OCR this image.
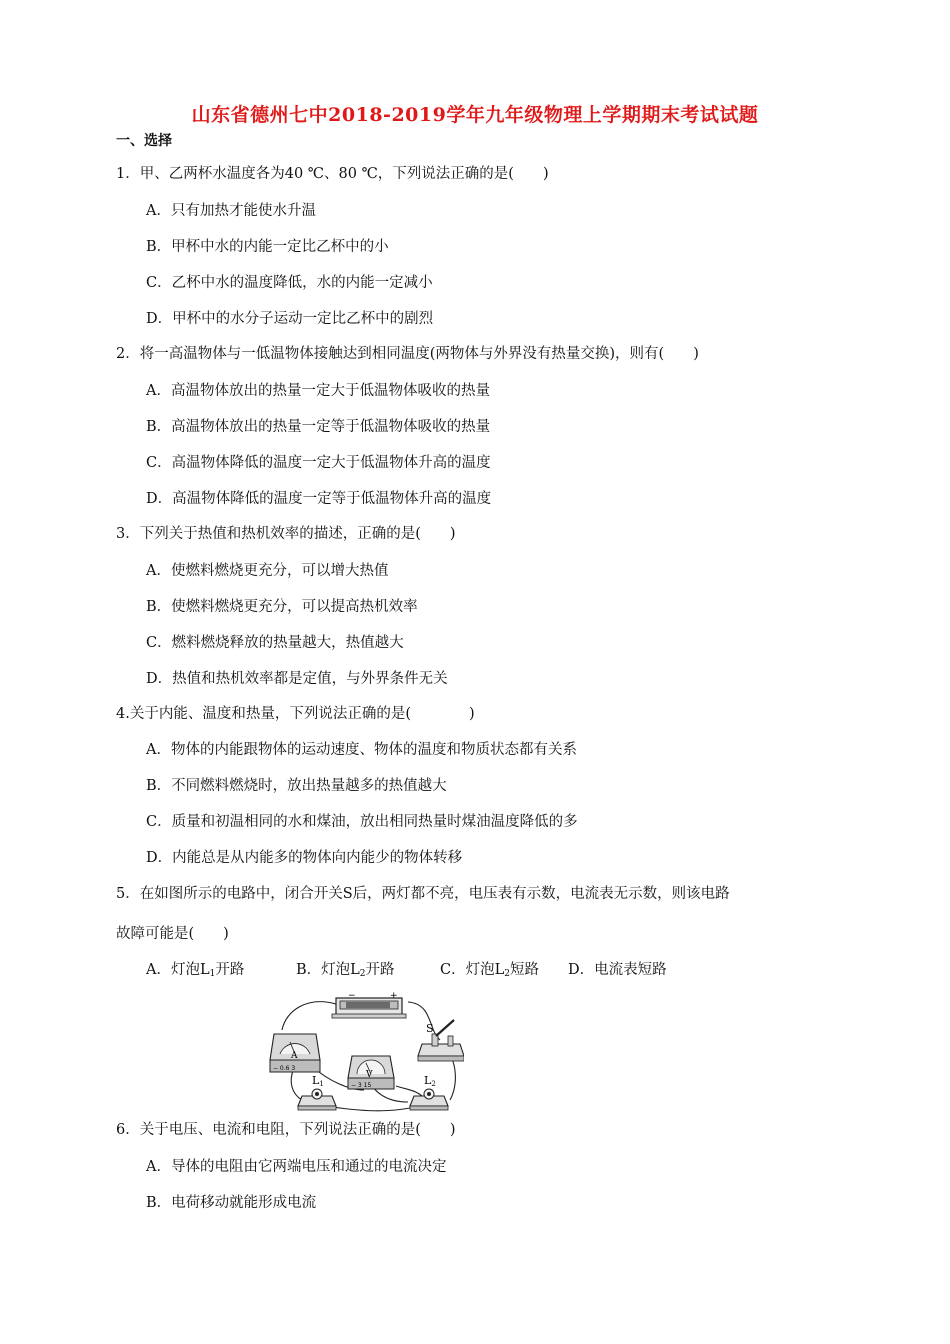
山东省德州七中2018-2019学年九年级物理上学期期末考试试题
一、选择
1．甲、乙两杯水温度各为40 ℃、80 ℃，下列说法正确的是(　　)
A．只有加热才能使水升温
B．甲杯中水的内能一定比乙杯中的小
C．乙杯中水的温度降低，水的内能一定减小
D．甲杯中的水分子运动一定比乙杯中的剧烈
2．将一高温物体与一低温物体接触达到相同温度(两物体与外界没有热量交换)，则有(　　)
A．高温物体放出的热量一定大于低温物体吸收的热量
B．高温物体放出的热量一定等于低温物体吸收的热量
C．高温物体降低的温度一定大于低温物体升高的温度
D．高温物体降低的温度一定等于低温物体升高的温度
3．下列关于热值和热机效率的描述，正确的是(　　)
A．使燃料燃烧更充分，可以增大热值
B．使燃料燃烧更充分，可以提高热机效率
C．燃料燃烧释放的热量越大，热值越大
D．热值和热机效率都是定值，与外界条件无关
4.关于内能、温度和热量，下列说法正确的是(　　　　)
A．物体的内能跟物体的运动速度、物体的温度和物质状态都有关系
B．不同燃料燃烧时，放出热量越多的热值越大
C．质量和初温相同的水和煤油，放出相同热量时煤油温度降低的多
D．内能总是从内能多的物体向内能少的物体转移
5．在如图所示的电路中，闭合开关S后，两灯都不亮，电压表有示数，电流表无示数，则该电路
故障可能是(　　)
A．灯泡$L_1$开路	B．灯泡$L_2$开路	C．灯泡$L_2$短路 D．电流表短路
−	+
A
− 0.6 3
V
− 3 15
S
L1	L2
6．关于电压、电流和电阻，下列说法正确的是(　　)
A．导体的电阻由它两端电压和通过的电流决定
B．电荷移动就能形成电流
